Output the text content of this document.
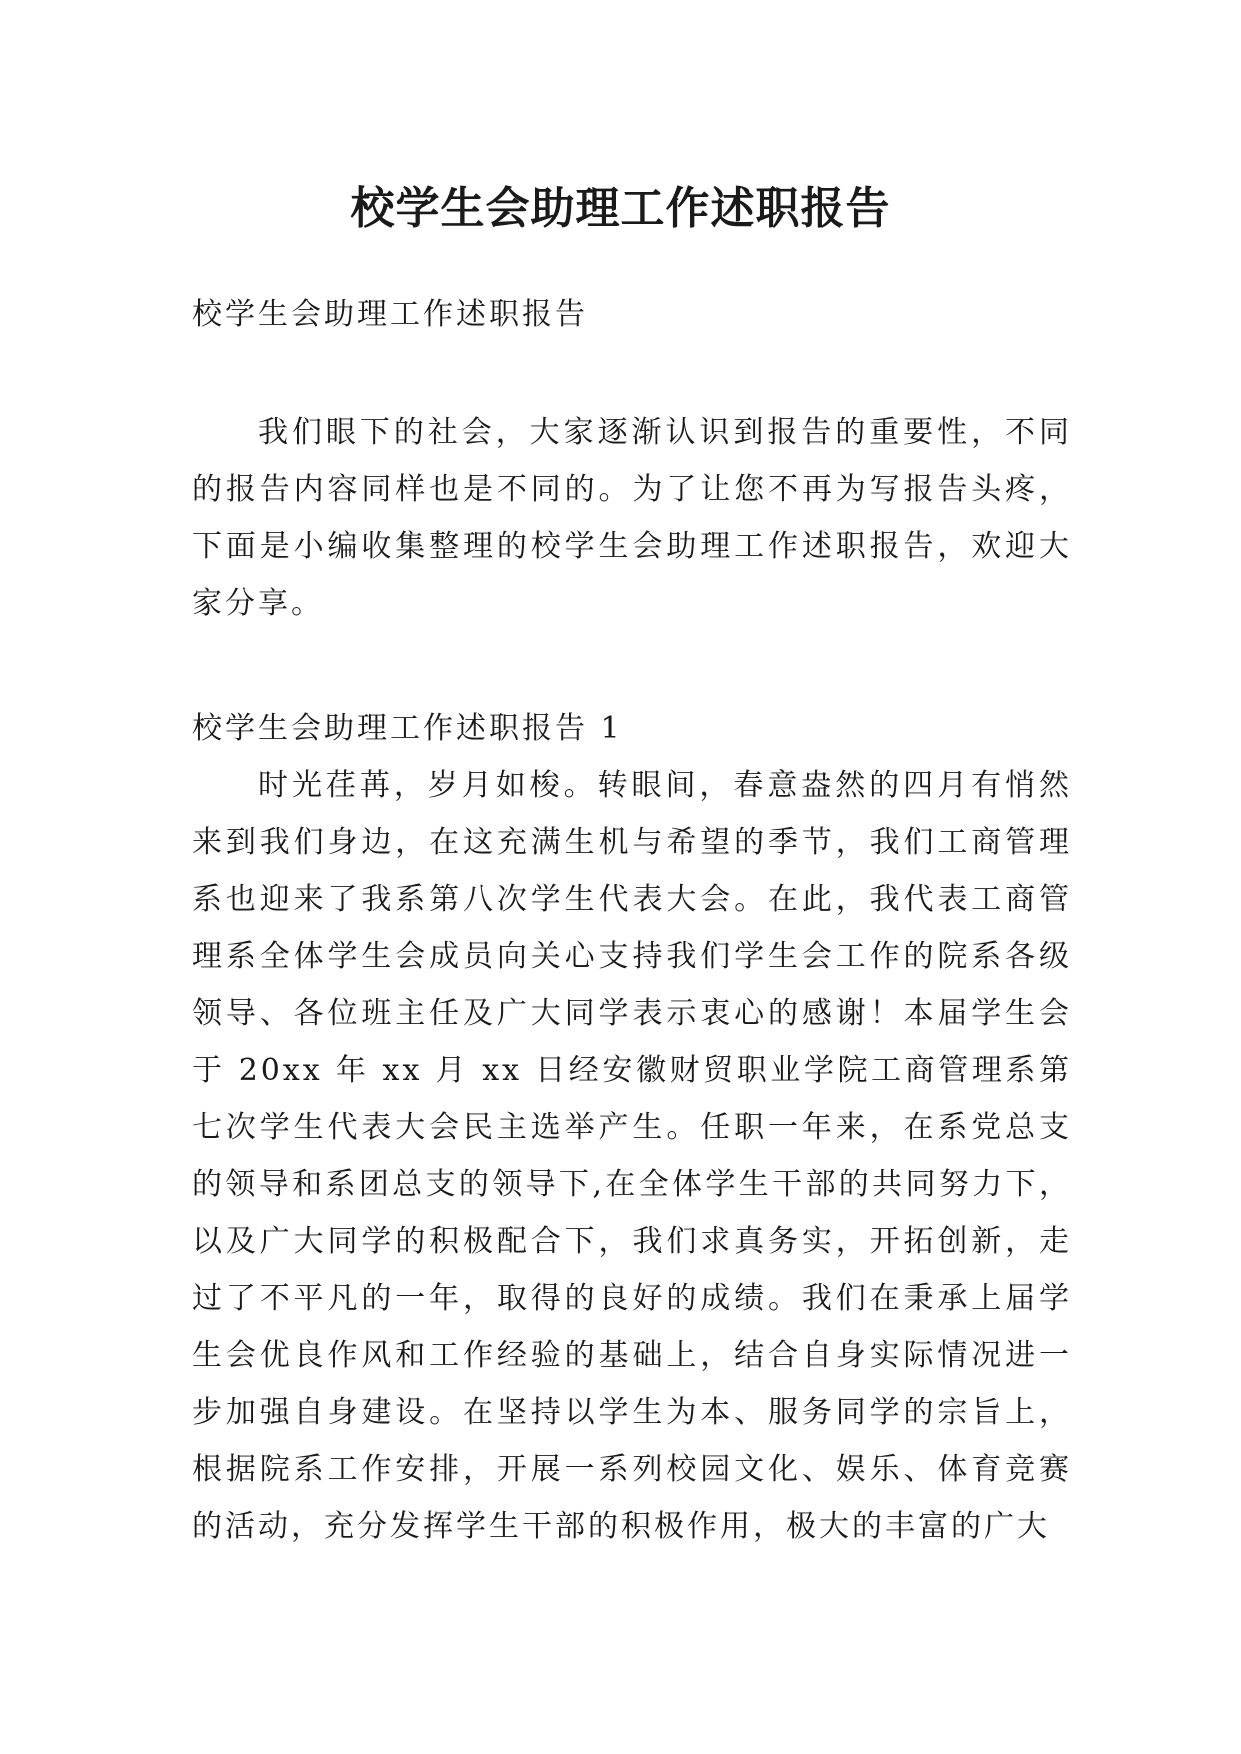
校学生会助理工作述职报告

校学生会助理工作述职报告

我们眼下的社会，大家逐渐认识到报告的重要性，不同的报告内容同样也是不同的。为了让您不再为写报告头疼，下面是小编收集整理的校学生会助理工作述职报告，欢迎大家分享。

校学生会助理工作述职报告 1

时光荏苒，岁月如梭。转眼间，春意盎然的四月有悄然来到我们身边，在这充满生机与希望的季节，我们工商管理系也迎来了我系第八次学生代表大会。在此，我代表工商管理系全体学生会成员向关心支持我们学生会工作的院系各级领导、各位班主任及广大同学表示衷心的感谢！本届学生会于 20xx 年 xx 月 xx 日经安徽财贸职业学院工商管理系第七次学生代表大会民主选举产生。任职一年来，在系党总支的领导和系团总支的领导下,在全体学生干部的共同努力下，以及广大同学的积极配合下，我们求真务实，开拓创新，走过了不平凡的一年，取得的良好的成绩。我们在秉承上届学生会优良作风和工作经验的基础上，结合自身实际情况进一步加强自身建设。在坚持以学生为本、服务同学的宗旨上，根据院系工作安排，开展一系列校园文化、娱乐、体育竞赛的活动，充分发挥学生干部的积极作用，极大的丰富的广大
